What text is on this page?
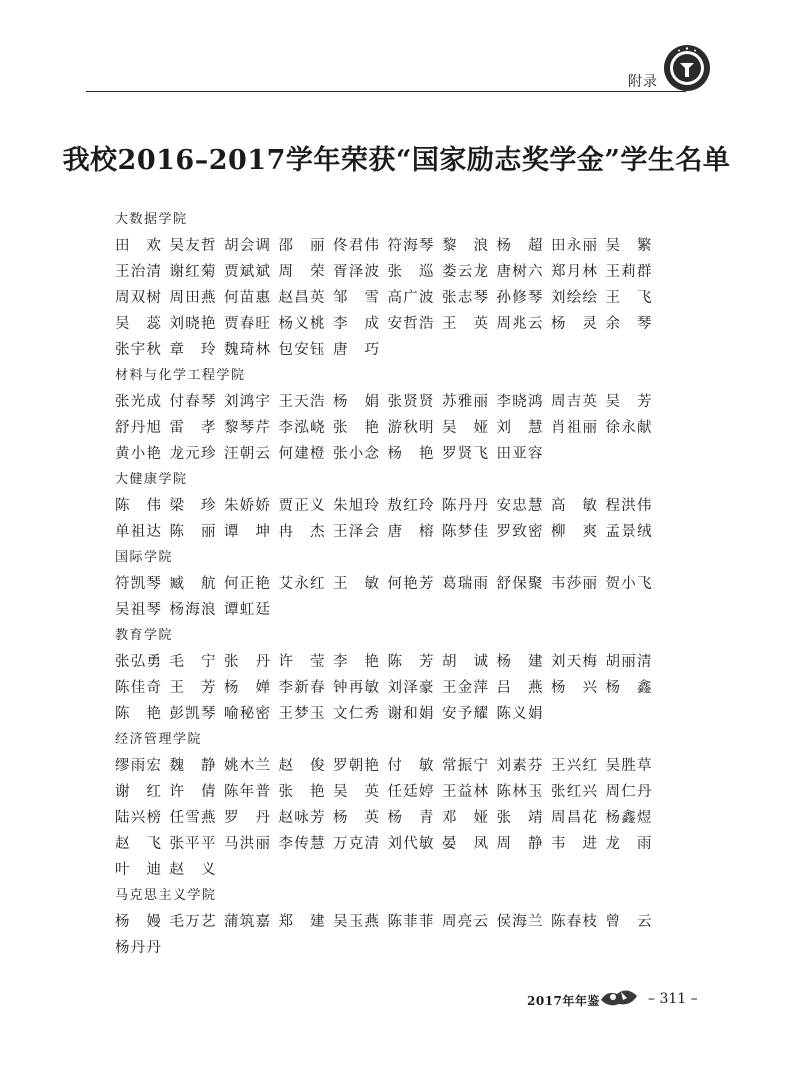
附录
我校2016–2017学年荣获“国家励志奖学金”学生名单
大数据学院
田欢 吴友哲 胡会调 邵丽 佟君伟 符海琴 黎浪 杨超 田永丽 吴繁
王治清 谢红菊 贾斌斌 周荣 胥泽波 张巡 娄云龙 唐树六 郑月林 王莉群
周双树 周田燕 何苗惠 赵昌英 邹雪 高广波 张志琴 孙修琴 刘绘绘 王飞
吴蕊 刘晓艳 贾春旺 杨义桃 李成 安哲浩 王英 周兆云 杨灵 余琴
张宇秋 章玲 魏琦林 包安钰 唐巧
材料与化学工程学院
张光成 付春琴 刘鸿宇 王天浩 杨娟 张贤贤 苏雅丽 李晓鸿 周吉英 吴芳
舒丹旭 雷孝 黎琴芹 李泓峣 张艳 游秋明 吴娅 刘慧 肖祖丽 徐永献
黄小艳 龙元珍 汪朝云 何建橙 张小念 杨艳 罗贤飞 田亚容
大健康学院
陈伟 梁珍 朱娇娇 贾正义 朱旭玲 敖红玲 陈丹丹 安忠慧 高敏 程洪伟
单祖达 陈丽 谭坤 冉杰 王泽会 唐榕 陈梦佳 罗致密 柳爽 孟景绒
国际学院
符凯琴 臧航 何正艳 艾永红 王敏 何艳芳 葛瑞雨 舒保聚 韦莎丽 贺小飞
吴祖琴 杨海浪 谭虹廷
教育学院
张弘勇 毛宁 张丹 许莹 李艳 陈芳 胡诚 杨建 刘天梅 胡丽清
陈佳奇 王芳 杨婵 李新春 钟再敏 刘泽豪 王金萍 吕燕 杨兴 杨鑫
陈艳 彭凯琴 喻秘密 王梦玉 文仁秀 谢和娟 安予耀 陈义娟
经济管理学院
缪雨宏 魏静 姚木兰 赵俊 罗朝艳 付敏 常振宁 刘素芬 王兴红 吴胜草
谢红 许倩 陈年普 张艳 吴英 任廷婷 王益林 陈林玉 张红兴 周仁丹
陆兴榜 任雪燕 罗丹 赵咏芳 杨英 杨青 邓娅 张靖 周昌花 杨鑫煜
赵飞 张平平 马洪丽 李传慧 万克清 刘代敏 晏凤 周静 韦进 龙雨
叶迪 赵义
马克思主义学院
杨嫚 毛万艺 蒲筑嘉 郑建 吴玉燕 陈菲菲 周亮云 侯海兰 陈春枝 曾云
杨丹丹
2017年年鉴	– 311 –
